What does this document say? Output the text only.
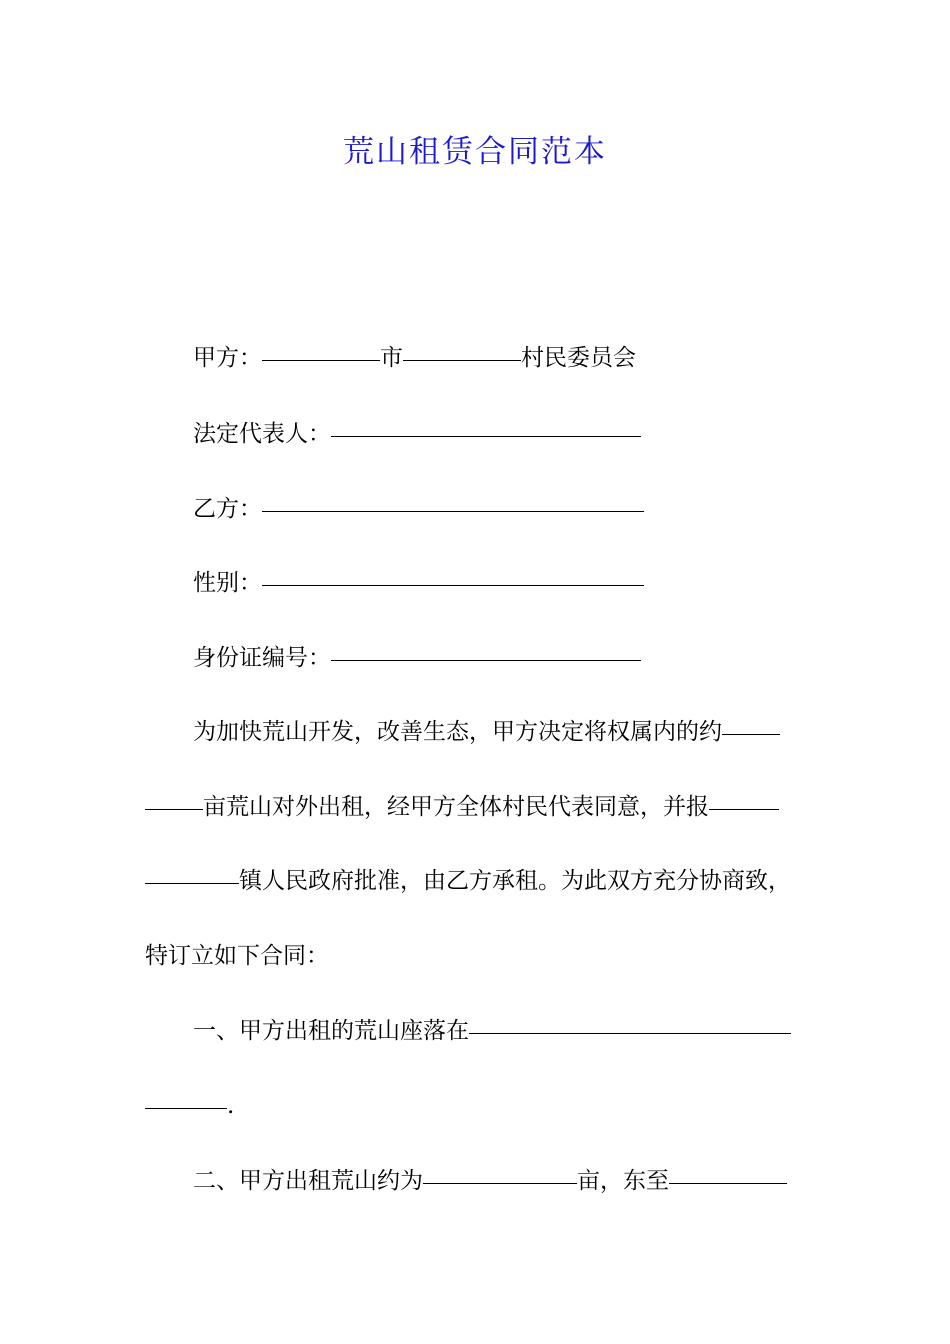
荒山租赁合同范本
甲方：	市	村民委员会
法定代表人：
乙方：
性别：
身份证编号：
为加快荒山开发，改善生态，甲方决定将权属内的约
亩荒山对外出租，经甲方全体村民代表同意，并报
镇人民政府批准，由乙方承租。为此双方充分协商致，
特订立如下合同：
一、甲方出租的荒山座落在
.
二、甲方出租荒山约为	亩，东至
